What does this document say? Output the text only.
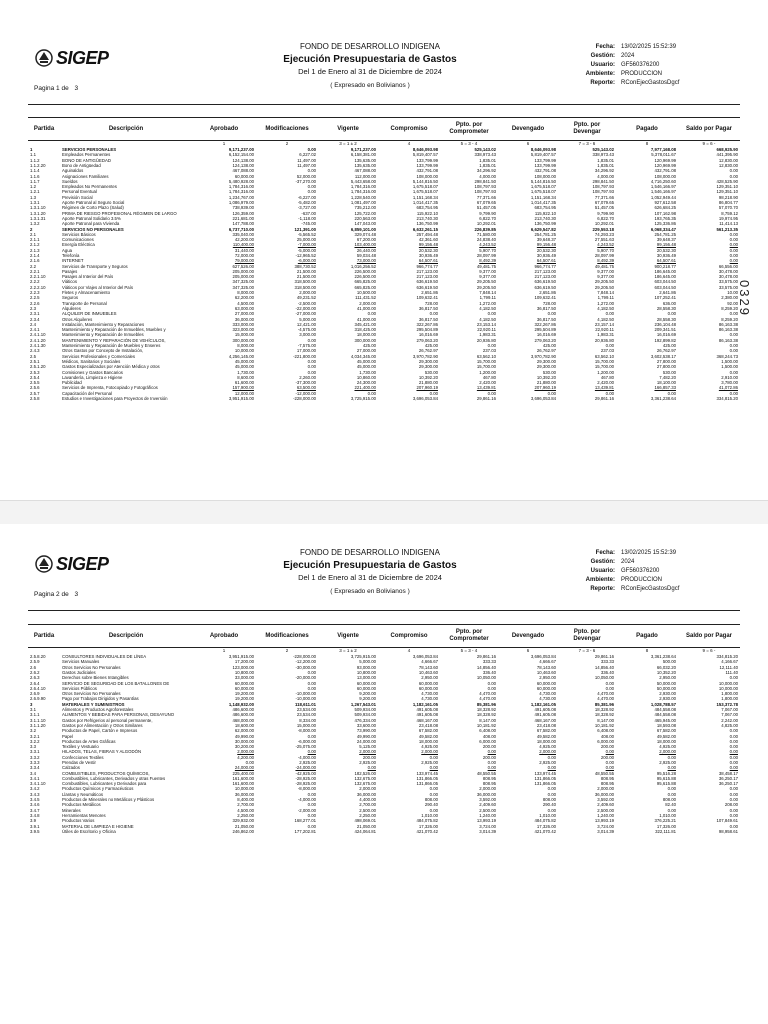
SIGEP
Pagina 1 de 3
FONDO DE DESARROLLO INDIGENA
Ejecución Presupuestaria de Gastos
Del 1 de Enero al 31 de Diciembre de 2024
( Expresado en Bolivianos )
Fecha: 13/02/2025 15:52:39
Gestión: 2024
Usuario: GF560376200
Ambiente: PRODUCCION
Reporte: RConEjecGastosDgcf
Partida	Descripción	Aprobado	Modificaciones	Vigente	Compromiso	Ppto. por Comprometer	Devengado	Ppto. por Devengar	Pagado	Saldo por Pagar
		1	2	3 = 1 ± 2	4	5 = 3 - 4	6	7 = 3 - 6	8	9 = 6 -
1	SERVICIOS PERSONALES	9,171,237.00	0.00	9,171,237.00	8,646,093.98	525,143.02	8,646,093.98	525,143.02	7,977,168.08	668,925.90
1.1	Empleados Permanentes	6,152,154.00	6,227.02	6,158,381.00	5,819,407.57	338,973.43	5,819,407.57	338,973.43	5,378,011.67	441,395.90
1.1.2	BONO DE ANTIGÜEDAD	124,138.00	11,497.00	135,635.00	133,799.99	1,835.01	133,799.99	1,835.01	120,969.99	12,830.00
1.1.2.20	Bono de Antigüedad	124,138.00	11,497.00	135,635.00	133,799.99	1,835.01	133,799.99	1,835.01	120,969.99	12,830.00
1.1.4	Aguinaldos	467,088.00	0.00	467,088.00	432,791.08	34,296.92	432,791.08	34,296.92	432,791.08	0.00
1.1.6	Asignaciones Familiares	60,000.00	52,000.00	112,000.00	108,000.00	4,000.00	108,000.00	4,000.00	108,000.00	0.00
1.1.7	Sueldos	5,480,928.00	-37,270.00	5,443,658.00	5,144,816.50	298,841.50	5,144,816.50	298,841.50	4,716,250.60	428,525.90
1.2	Empleados No Permanentes	1,784,316.00	0.00	1,784,316.00	1,675,518.07	108,797.93	1,675,518.07	108,797.93	1,546,166.97	129,351.10
1.2.1	Personal Eventual	1,784,316.00	0.00	1,784,316.00	1,675,518.07	108,797.93	1,675,518.07	108,797.93	1,546,166.97	129,351.10
1.3	Previsión Social	1,234,767.00	-6,227.00	1,228,540.00	1,151,168.34	77,371.66	1,151,168.34	77,371.66	1,052,949.44	98,218.90
1.3.1	Aporte Patronal al Seguro Social	1,086,979.00	-5,482.00	1,081,497.00	1,014,417.35	67,079.65	1,014,417.35	67,079.65	927,612.58	86,804.77
1.3.1.10	Régimen de Corto Plazo (Salud)	738,939.00	-3,727.00	735,212.00	683,754.95	51,457.05	683,754.95	51,457.05	626,684.25	57,070.70
1.3.1.20	PRIMA DE RIESGO PROFESIONAL RÉGIMEN DE LARGO	126,359.00	-637.00	125,722.00	115,922.10	9,799.90	115,922.10	9,799.90	107,162.98	8,759.12
1.3.1.31	Aporte Patronal Solidario 3.5%	221,681.00	-1,118.00	220,563.00	213,740.30	6,822.70	213,740.30	6,822.70	193,765.35	19,974.95
1.3.2	Aporte Patronal para Vivienda	147,788.00	-745.00	147,043.00	136,750.99	10,292.01	136,750.99	10,292.01	125,336.86	11,414.13
2	SERVICIOS NO PERSONALES	6,737,710.00	121,391.00	6,859,101.00	6,632,261.15	226,839.85	6,629,547.82	229,553.18	6,068,334.47	561,213.35
2.1	Servicios Básicos	335,040.00	-5,565.52	329,074.48	257,494.48	71,580.00	254,781.25	74,293.23	254,781.25	0.00
2.1.1	Comunicaciones	42,200.00	25,000.00	67,200.00	42,361.60	24,838.40	39,648.37	27,551.63	39,648.37	0.00
2.1.2	Energía Eléctrica	110,400.00	-7,000.00	103,400.00	99,156.48	4,243.52	99,156.48	4,243.52	99,156.48	0.00
2.1.3	Agua	31,440.00	-5,000.00	26,440.00	20,532.30	5,907.70	20,532.30	5,907.70	20,532.30	0.00
2.1.4	Telefonía	72,000.00	-12,965.52	59,034.48	30,936.49	28,097.99	30,936.49	28,097.99	30,936.49	0.00
2.1.6	INTERNET	79,000.00	-6,000.00	73,000.00	64,507.61	8,492.39	64,507.61	8,492.39	64,507.61	0.00
2.2	Servicios de Transporte y Seguros	627,526.00	388,730.52	1,016,256.52	966,774.77	49,481.75	966,774.77	49,481.75	900,218.77	66,556.00
2.2.1	Pasajes	205,000.00	21,500.00	226,500.00	217,123.00	9,377.00	217,123.00	9,377.00	186,645.00	30,478.00
2.2.1.10	Pasajes al Interior del País	205,000.00	21,500.00	226,500.00	217,123.00	9,377.00	217,123.00	9,377.00	186,645.00	30,478.00
2.2.2	Viáticos	347,325.00	318,500.00	665,825.00	636,619.50	29,205.50	636,619.50	29,205.50	603,044.50	33,575.00
2.2.2.10	Viáticos por Viajes al Interior del País	347,325.00	318,500.00	665,825.00	636,619.50	29,205.50	636,619.50	29,205.50	603,044.50	33,575.00
2.2.3	Fletes y Almacenamiento	8,000.00	2,000.00	10,500.00	2,651.86	7,848.14	2,651.86	7,848.14	2,641.86	10.00
2.2.5	Seguros	62,200.00	49,231.52	111,431.52	109,632.41	1,799.11	109,632.41	1,799.11	107,252.41	2,380.00
2.2.6	Transporte de Personal	4,500.00	-2,500.00	2,000.00	728.00	1,272.00	728.00	1,272.00	636.00	92.00
2.3	Alquileres	63,000.00	-22,000.00	41,000.00	36,817.50	4,182.50	36,817.50	4,182.50	28,558.30	8,259.20
2.3.1	ALQUILER DE INMUEBLES	27,000.00	-27,000.00	0.00	0.00	0.00	0.00	0.00	0.00	0.00
2.3.4	Otros Alquileres	36,000.00	5,000.00	41,000.00	36,817.50	4,182.50	36,817.50	4,182.50	28,558.30	8,259.20
2.4	Instalación, Mantenimiento y Reparaciones	333,000.00	12,421.00	345,421.00	322,267.86	23,153.14	322,267.86	23,157.14	236,104.48	86,163.38
2.4.1	Mantenimiento y Reparación de Inmuebles, Muebles y	323,000.00	-4,575.00	318,425.00	295,504.89	22,920.11	295,504.89	22,920.11	209,341.51	86,163.38
2.4.1.10	Mantenimiento y Reparación de Inmuebles	15,000.00	3,000.00	18,000.00	16,016.69	1,983.31	16,016.69	1,983.31	16,016.69	0.00
2.4.1.20	MANTENIMIENTO Y REPARACIÓN DE VEHÍCULOS,	300,000.00	0.00	300,000.00	279,063.20	20,936.80	279,063.20	20,936.80	192,899.82	86,163.38
2.4.1.30	Mantenimiento y Reparación de Muebles y Enseres	8,000.00	-7,575.00	425.00	425.00	0.00	425.00	0.00	425.00	0.00
2.4.3	Otros Gastos por Concepto de Instalación,	10,000.00	17,000.00	27,000.00	26,762.97	237.03	26,762.97	237.03	26,762.97	0.00
2.5	Servicios Profesionales y Comerciales	4,256,145.00	-221,800.00	4,034,345.00	3,970,782.90	63,562.10	3,970,782.90	63,562.10	3,602,538.17	368,244.73
2.5.1	Médicos, Sanitarios y Sociales	45,000.00	0.00	45,000.00	29,300.00	15,700.00	29,300.00	15,700.00	27,800.00	1,500.00
2.5.1.20	Gastos Especializados por Atención Médica y otros	45,000.00	0.00	45,000.00	29,300.00	15,700.00	29,300.00	15,700.00	27,800.00	1,500.00
2.5.3	Comisiones y Gastos Bancarios	1,730.00	0.00	1,730.00	530.00	1,200.00	530.00	1,200.00	530.00	0.00
2.5.4	Lavandería, Limpieza e Higiene	8,600.00	2,260.00	10,860.00	10,392.20	467.80	10,392.20	467.80	7,482.20	2,910.00
2.5.5	Publicidad	61,600.00	-37,300.00	24,300.00	21,880.00	2,420.00	21,880.00	2,420.00	18,100.00	3,780.00
2.5.6	Servicios de Imprenta, Fotocopiado y Fotográficos	157,900.00	63,500.00	221,400.00	207,960.19	13,439.81	207,960.19	13,439.81	166,857.33	41,072.86
2.5.7	Capacitación del Personal	12,000.00	-12,000.00	0.00	0.00	0.00	0.00	0.00	0.00	0.00
2.5.8	Estudios e Investigaciones para Proyectos de Inversión	3,951,915.00	-228,000.00	3,725,915.00	3,696,053.84	29,861.16	3,696,053.84	29,861.16	3,361,238.64	334,815.20
0329
SIGEP
Pagina 2 de 3
FONDO DE DESARROLLO INDIGENA
Ejecución Presupuestaria de Gastos
Del 1 de Enero al 31 de Diciembre de 2024
( Expresado en Bolivianos )
Fecha: 13/02/2025 15:52:39
Gestión: 2024
Usuario: GF560376200
Ambiente: PRODUCCION
Reporte: RConEjecGastosDgcf
Partida	Descripción	Aprobado	Modificaciones	Vigente	Compromiso	Ppto. por Comprometer	Devengado	Ppto. por Devengar	Pagado	Saldo por Pagar
		1	2	3 = 1 ± 2	4	5 = 3 - 4	6	7 = 3 - 6	8	9 = 6 -
2.5.8.20	CONSULTORES INDIVIDUALES DE LÍNEA	3,951,915.00	-228,000.00	3,725,915.00	3,696,053.84	29,861.16	3,696,053.84	29,861.16	3,361,238.64	334,815.20
2.5.9	Servicios Manuales	17,200.00	-12,200.00	5,000.00	4,666.67	333.33	4,666.67	333.33	500.00	4,166.67
2.6	Otros Servicios No Personales	123,000.00	-30,000.00	93,000.00	78,143.60	14,856.40	78,143.60	14,856.40	66,032.20	12,111.40
2.6.2	Gastos Judiciales	10,800.00	0.00	10,800.00	10,463.60	336.40	10,463.60	336.40	10,352.20	111.40
2.6.3	Derechos sobre Bienes Intangibles	33,000.00	-20,000.00	13,000.00	2,950.00	10,050.00	2,950.00	10,050.00	2,950.00	0.00
2.6.4	SERVICIO DE SEGURIDAD DE LOS BATALLONES DE	60,000.00	0.00	60,000.00	60,000.00	0.00	60,000.00	0.00	50,000.00	10,000.00
2.6.4.10	Servicios Públicos	60,000.00	0.00	60,000.00	60,000.00	0.00	60,000.00	0.00	50,000.00	10,000.00
2.6.9	Otros Servicios No Personales	19,200.00	-10,000.00	9,200.00	4,730.00	4,470.00	4,730.00	4,470.00	2,930.00	1,800.00
2.6.9.90	Pago por Trabajos Dirigidos y Pasantías	19,200.00	-10,000.00	9,200.00	4,730.00	4,470.00	4,730.00	4,470.00	2,930.00	1,800.00
3	MATERIALES Y SUMINISTROS	1,148,932.00	118,611.01	1,267,543.01	1,182,161.05	85,381.96	1,182,161.05	85,381.96	1,028,788.57	153,372.78
3.1	Alimentos y Productos Agroforestales	486,600.00	23,534.00	509,934.00	491,605.08	18,328.92	491,605.08	18,328.92	484,558.08	7,067.00
3.1.1	ALIMENTOS Y BEBIDAS PARA PERSONAS, DESAYUNO	486,600.00	23,534.00	509,934.00	491,605.08	18,328.92	491,605.08	18,328.92	484,558.08	7,067.00
3.1.1.10	Gastos por Refrigerios al personal permanente,	468,000.00	8,334.00	476,334.00	468,167.00	8,147.00	468,167.00	8,147.00	465,945.00	2,242.00
3.1.1.20	Gastos por Alimentación y Otros Similares	18,600.00	15,000.00	33,600.00	23,418.08	10,181.92	23,418.08	10,181.92	18,593.08	4,825.00
3.2	Productos de Papel, Cartón e Impresos	62,000.00	-8,000.00	73,990.00	67,582.00	6,408.00	67,582.00	6,408.00	67,582.00	0.00
3.2.1	Papel	49,990.00	0.00	49,990.00	49,582.00	408.00	49,582.00	408.00	49,582.00	0.00
3.2.2	Productos de Artes Gráficas	30,000.00	-6,000.00	24,000.00	18,000.00	6,000.00	18,000.00	6,000.00	18,000.00	0.00
3.3	Textiles y Vestuario	30,200.00	-25,075.00	5,125.00	4,925.00	200.00	4,925.00	200.00	4,925.00	0.00
3.3.1	HILADOS, TELAS, FIBRAS Y ALGODÓN	2,000.00	0.00	2,000.00	2,000.00	0.00	2,000.00	0.00	2,000.00	0.00
3.3.2	Confecciones Textiles	4,200.00	-4,000.00	200.00	0.00	200.00	0.00	200.00	0.00	0.00
3.3.3	Prendas de Vestir	0.00	2,925.00	2,925.00	2,925.00	0.00	2,925.00	0.00	2,925.00	0.00
3.3.4	Calzados	24,000.00	-24,000.00	0.00	0.00	0.00	0.00	0.00	0.00	0.00
3.4	COMBUSTIBLES, PRODUCTOS QUÍMICOS,	225,400.00	-42,925.00	182,526.00	133,974.45	48,550.55	133,974.45	48,550.55	95,516.28	38,458.17
3.4.1	Combustibles, Lubricantes, Derivados y otras Fuentes	161,600.00	-28,925.00	132,675.00	131,866.05	808.95	131,866.05	808.95	95,615.88	36,250.17
3.4.1.10	Combustibles, Lubricantes y Derivados para	161,600.00	-28,925.00	132,675.00	131,866.05	808.95	131,866.05	808.95	95,615.88	36,250.17
3.4.2	Productos Químicos y Farmacéuticos	10,000.00	-8,000.00	2,000.00	0.00	2,000.00	0.00	2,000.00	0.00	0.00
3.4.3	Llantas y Neumáticos	36,000.00	0.00	36,000.00	0.00	36,000.00	0.00	36,000.00	0.00	0.00
3.4.5	Productos de Minerales no Metálicos y Plásticos	8,400.00	-4,000.00	4,400.00	808.00	3,592.00	808.00	3,592.00	808.00	0.00
3.4.6	Productos Metálicos	2,700.00	0.00	2,700.00	290.40	2,409.60	290.40	2,409.60	82.40	208.00
3.4.7	Minerales	4,500.00	-2,000.00	2,500.00	0.00	2,500.00	0.00	2,500.00	0.00	0.00
3.4.8	Herramientas Menores	2,250.00	0.00	2,250.00	1,010.00	1,240.00	1,010.00	1,240.00	1,010.00	0.00
3.9	Productos Varios	329,932.00	168,277.01	498,069.01	484,075.82	13,993.19	484,075.82	13,993.19	376,225.21	107,849.61
3.9.1	MATERIAL DE LIMPIEZA E HIGIENE	21,050.00	0.00	21,050.00	17,326.00	3,724.00	17,326.00	3,724.00	17,326.00	0.00
3.9.5	Útiles de Escritorio y Oficina	246,862.00	177,202.81	424,064.81	421,070.42	3,014.39	421,070.42	3,014.39	322,111.81	98,958.61
